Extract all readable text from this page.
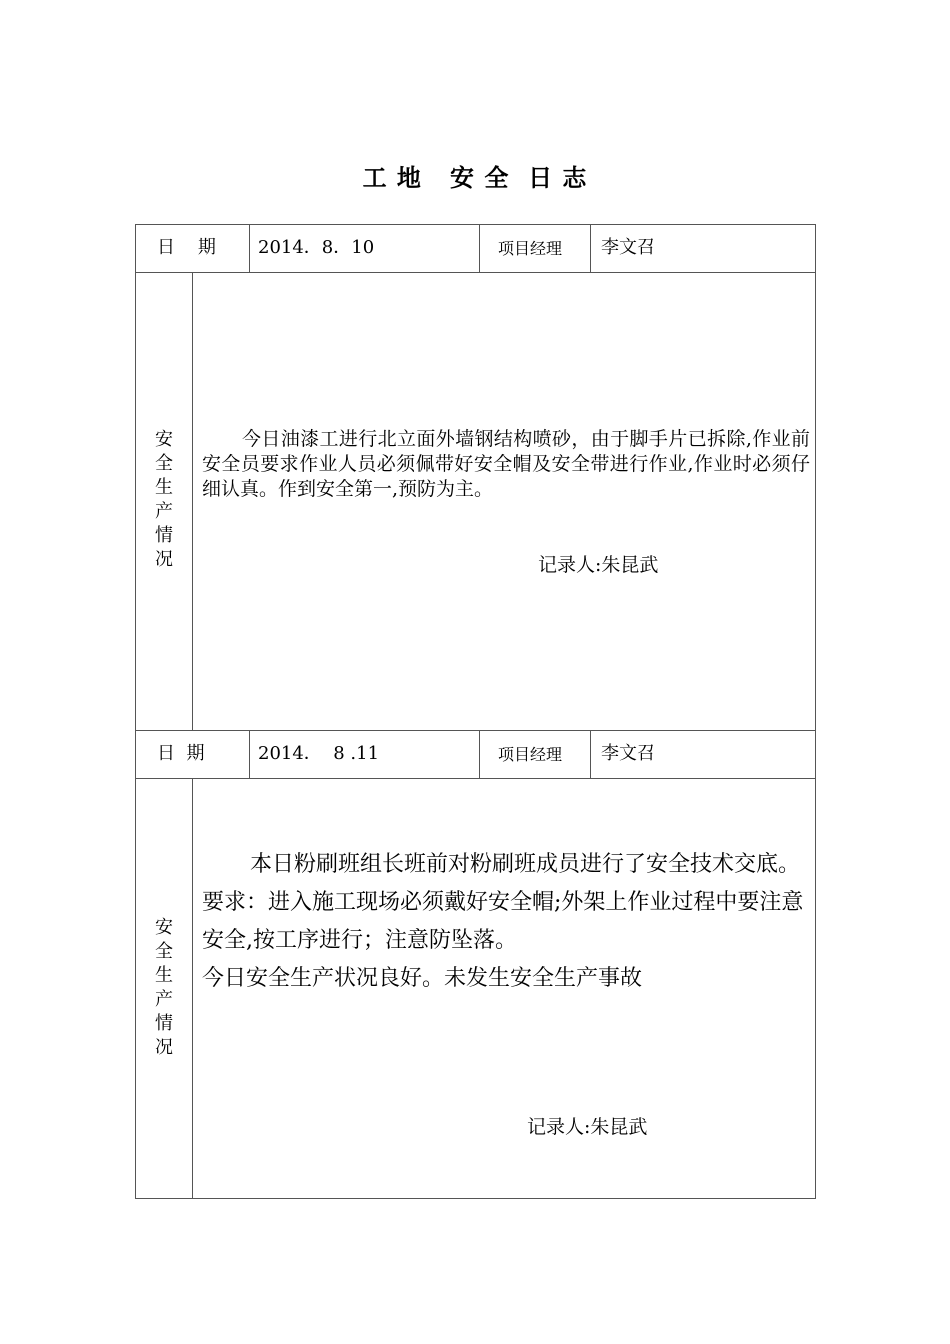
工 地   安 全  日 志
日    期 2014．8．10	项目经理 李文召
安
全
生
产
情
况
今日油漆工进行北立面外墙钢结构喷砂，由于脚手片已拆除,作业前安全员要求作业人员必须佩带好安全帽及安全带进行作业,作业时必须仔细认真。作到安全第一,预防为主。
记录人:朱昆武
日  期	2014．  8 .11	项目经理 李文召
安
全
生
产
情
况

本日粉刷班组长班前对粉刷班成员进行了安全技术交底。要求：进入施工现场必须戴好安全帽;外架上作业过程中要注意安全,按工序进行；注意防坠落。

今日安全生产状况良好。未发生安全生产事故

记录人:朱昆武
